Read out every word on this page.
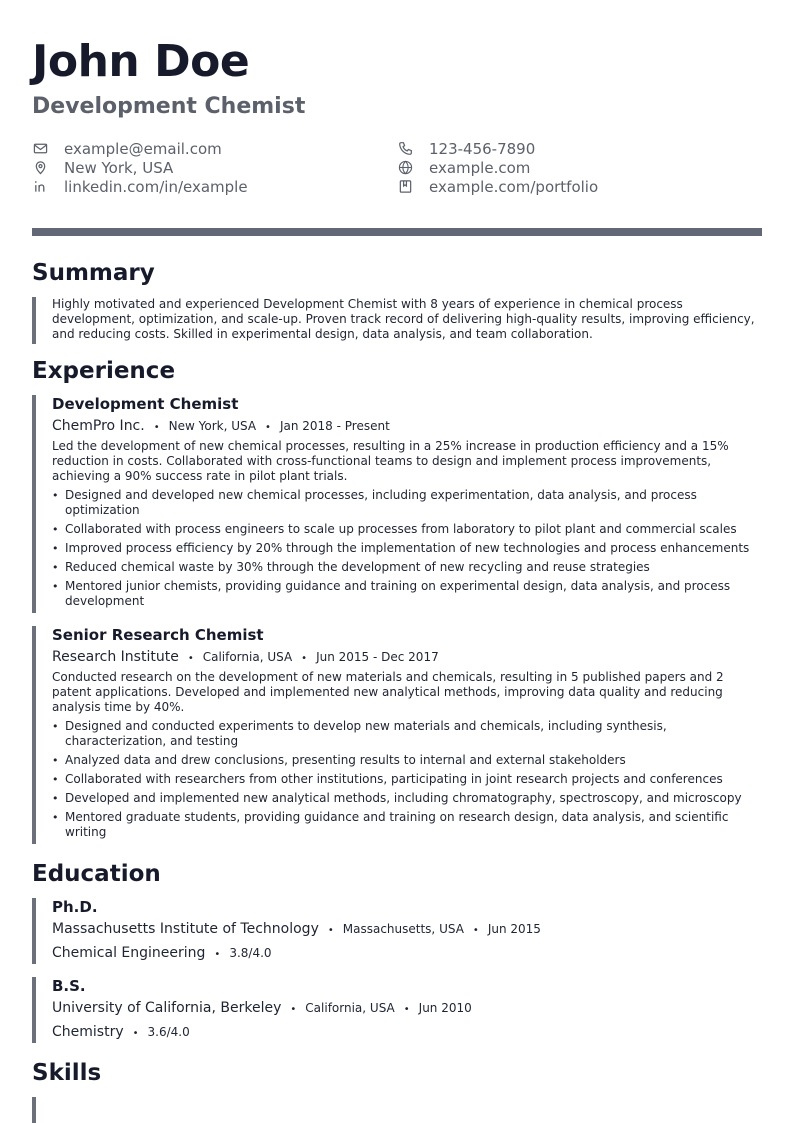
John Doe
Development Chemist
example@email.com
New York, USA
linkedin.com/in/example
123-456-7890
example.com
example.com/portfolio
Summary
Highly motivated and experienced Development Chemist with 8 years of experience in chemical process development, optimization, and scale-up. Proven track record of delivering high-quality results, improving efficiency, and reducing costs. Skilled in experimental design, data analysis, and team collaboration.
Experience
Development Chemist
ChemPro Inc. • New York, USA • Jan 2018 - Present
Led the development of new chemical processes, resulting in a 25% increase in production efficiency and a 15% reduction in costs. Collaborated with cross-functional teams to design and implement process improvements, achieving a 90% success rate in pilot plant trials.
• Designed and developed new chemical processes, including experimentation, data analysis, and process optimization
• Collaborated with process engineers to scale up processes from laboratory to pilot plant and commercial scales
• Improved process efficiency by 20% through the implementation of new technologies and process enhancements
• Reduced chemical waste by 30% through the development of new recycling and reuse strategies
• Mentored junior chemists, providing guidance and training on experimental design, data analysis, and process development
Senior Research Chemist
Research Institute • California, USA • Jun 2015 - Dec 2017
Conducted research on the development of new materials and chemicals, resulting in 5 published papers and 2 patent applications. Developed and implemented new analytical methods, improving data quality and reducing analysis time by 40%.
• Designed and conducted experiments to develop new materials and chemicals, including synthesis, characterization, and testing
• Analyzed data and drew conclusions, presenting results to internal and external stakeholders
• Collaborated with researchers from other institutions, participating in joint research projects and conferences
• Developed and implemented new analytical methods, including chromatography, spectroscopy, and microscopy
• Mentored graduate students, providing guidance and training on research design, data analysis, and scientific writing
Education
Ph.D.
Massachusetts Institute of Technology • Massachusetts, USA • Jun 2015
Chemical Engineering • 3.8/4.0
B.S.
University of California, Berkeley • California, USA • Jun 2010
Chemistry • 3.6/4.0
Skills
